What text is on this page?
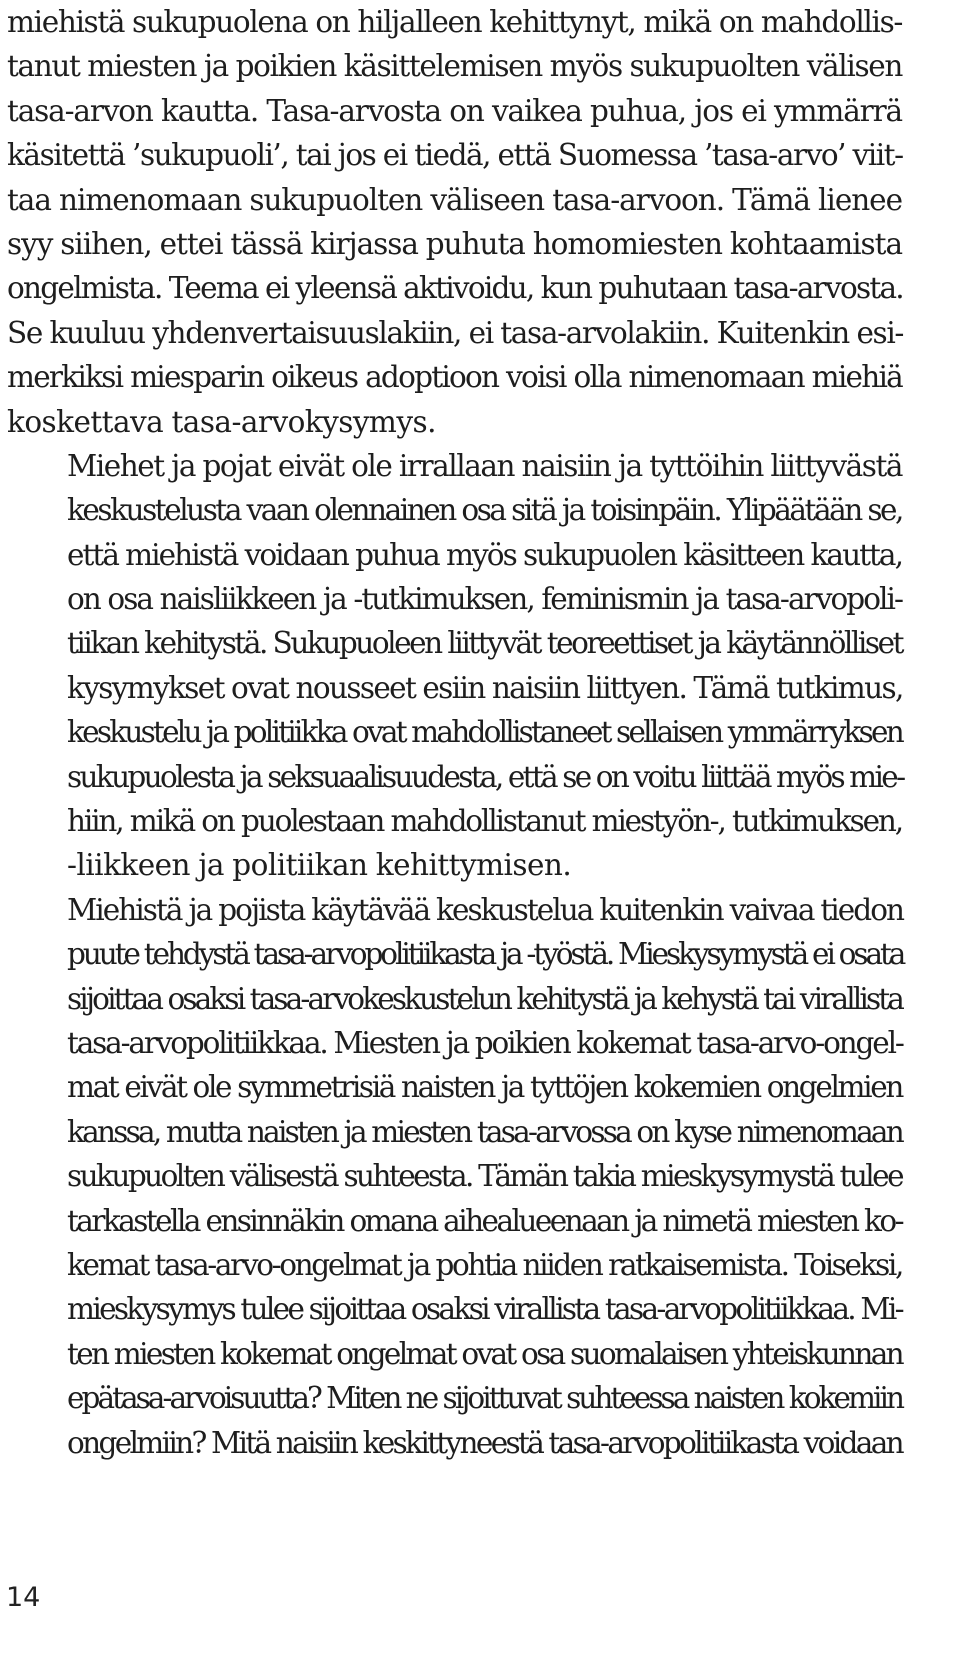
miehistä sukupuolena on hiljalleen kehittynyt, mikä on mahdollis-
tanut miesten ja poikien käsittelemisen myös sukupuolten välisen
tasa-arvon kautta. Tasa-arvosta on vaikea puhua, jos ei ymmärrä
käsitettä ’sukupuoli’, tai jos ei tiedä, että Suomessa ’tasa-arvo’ viit-
taa nimenomaan sukupuolten väliseen tasa-arvoon. Tämä lienee
syy siihen, ettei tässä kirjassa puhuta homomiesten kohtaamista
ongelmista. Teema ei yleensä aktivoidu, kun puhutaan tasa-arvosta.
Se kuuluu yhdenvertaisuuslakiin, ei tasa-arvolakiin. Kuitenkin esi-
merkiksi miesparin oikeus adoptioon voisi olla nimenomaan miehiä
koskettava tasa-arvokysymys.
Miehet ja pojat eivät ole irrallaan naisiin ja tyttöihin liittyvästä
keskustelusta vaan olennainen osa sitä ja toisinpäin. Ylipäätään se,
että miehistä voidaan puhua myös sukupuolen käsitteen kautta,
on osa naisliikkeen ja -tutkimuksen, feminismin ja tasa-arvopoli-
tiikan kehitystä. Sukupuoleen liittyvät teoreettiset ja käytännölliset
kysymykset ovat nousseet esiin naisiin liittyen. Tämä tutkimus,
keskustelu ja politiikka ovat mahdollistaneet sellaisen ymmärryksen
sukupuolesta ja seksuaalisuudesta, että se on voitu liittää myös mie-
hiin, mikä on puolestaan mahdollistanut miestyön-, tutkimuksen,
-liikkeen ja politiikan kehittymisen.
Miehistä ja pojista käytävää keskustelua kuitenkin vaivaa tiedon
puute tehdystä tasa-arvopolitiikasta ja -työstä. Mieskysymystä ei osata
sijoittaa osaksi tasa-arvokeskustelun kehitystä ja kehystä tai virallista
tasa-arvopolitiikkaa. Miesten ja poikien kokemat tasa-arvo-ongel-
mat eivät ole symmetrisiä naisten ja tyttöjen kokemien ongelmien
kanssa, mutta naisten ja miesten tasa-arvossa on kyse nimenomaan
sukupuolten välisestä suhteesta. Tämän takia mieskysymystä tulee
tarkastella ensinnäkin omana aihealueenaan ja nimetä miesten ko-
kemat tasa-arvo-ongelmat ja pohtia niiden ratkaisemista. Toiseksi,
mieskysymys tulee sijoittaa osaksi virallista tasa-arvopolitiikkaa. Mi-
ten miesten kokemat ongelmat ovat osa suomalaisen yhteiskunnan
epätasa-arvoisuutta? Miten ne sijoittuvat suhteessa naisten kokemiin
ongelmiin? Mitä naisiin keskittyneestä tasa-arvopolitiikasta voidaan
14
